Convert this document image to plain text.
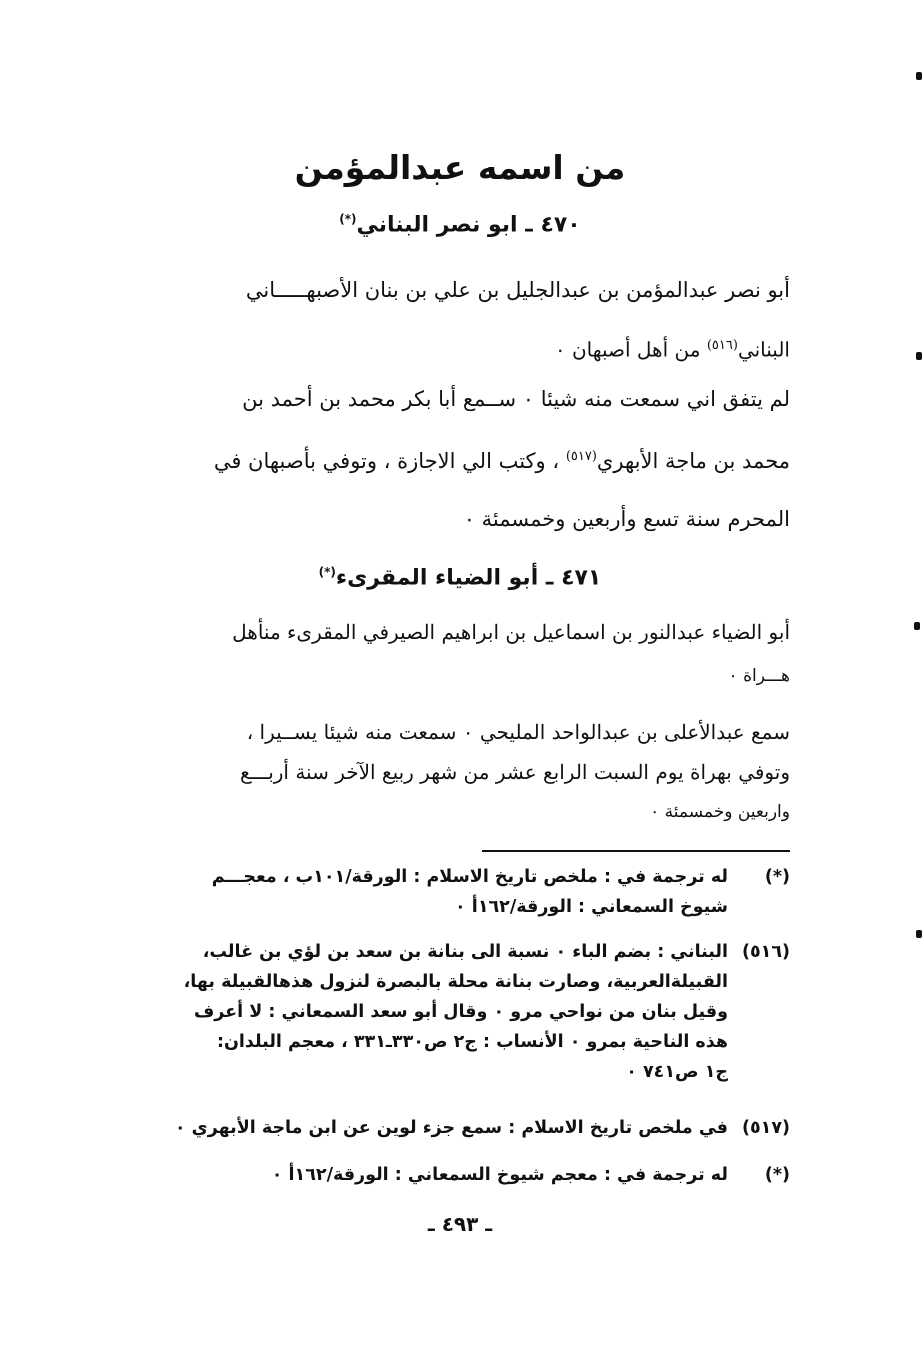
من اسمه عبدالمؤمن
٤٧٠ ـ ابو نصر البناني(*)

أبو نصر عبدالمؤمن بن عبدالجليل بن علي بن بنان الأصبهـــــاني
البناني$^{(٥١٦)}$ من أهل أصبهان ٠

لم يتفق اني سمعت منه شيئا ٠ ســمع أبا بكر محمد بن أحمد بن
محمد بن ماجة الأبهري$^{(٥١٧)}$ ، وكتب الي الاجازة ، وتوفي بأصبهان في
المحرم سنة تسع وأربعين وخمسمئة ٠

٤٧١ ـ أبو الضياء المقرىء(*)

أبو الضياء عبدالنور بن اسماعيل بن ابراهيم الصيرفي المقرىء منأهل
هـــراة ٠

سمع عبدالأعلى بن عبدالواحد المليحي ٠ سمعت منه شيئا يســيرا ،
وتوفي بهراة يوم السبت الرابع عشر من شهر ربيع الآخر سنة أربـــع
واربعين وخمسمئة ٠

(*)
له ترجمة في : ملخص تاريخ الاسلام : الورقة/١٠١ب ، معجـــم
شيوخ السمعاني : الورقة/١٦٢أ ٠
(٥١٦)
البناني : بضم الباء ٠ نسبة الى بنانة بن سعد بن لؤي بن غالب،
القبيلةالعربية، وصارت بنانة محلة بالبصرة لنزول هذهالقبيلة بها،
وقيل بنان من نواحي مرو ٠ وقال أبو سعد السمعاني : لا أعرف
هذه الناحية بمرو ٠ الأنساب : ج٢ ص٣٣٠ـ٣٣١ ، معجم البلدان:
ج١ ص٧٤١ ٠
(٥١٧)
في ملخص تاريخ الاسلام : سمع جزء لوين عن ابن ماجة الأبهري ٠
(*)
له ترجمة في : معجم شيوخ السمعاني : الورقة/١٦٢أ ٠
ـ ٤٩٣ ـ
